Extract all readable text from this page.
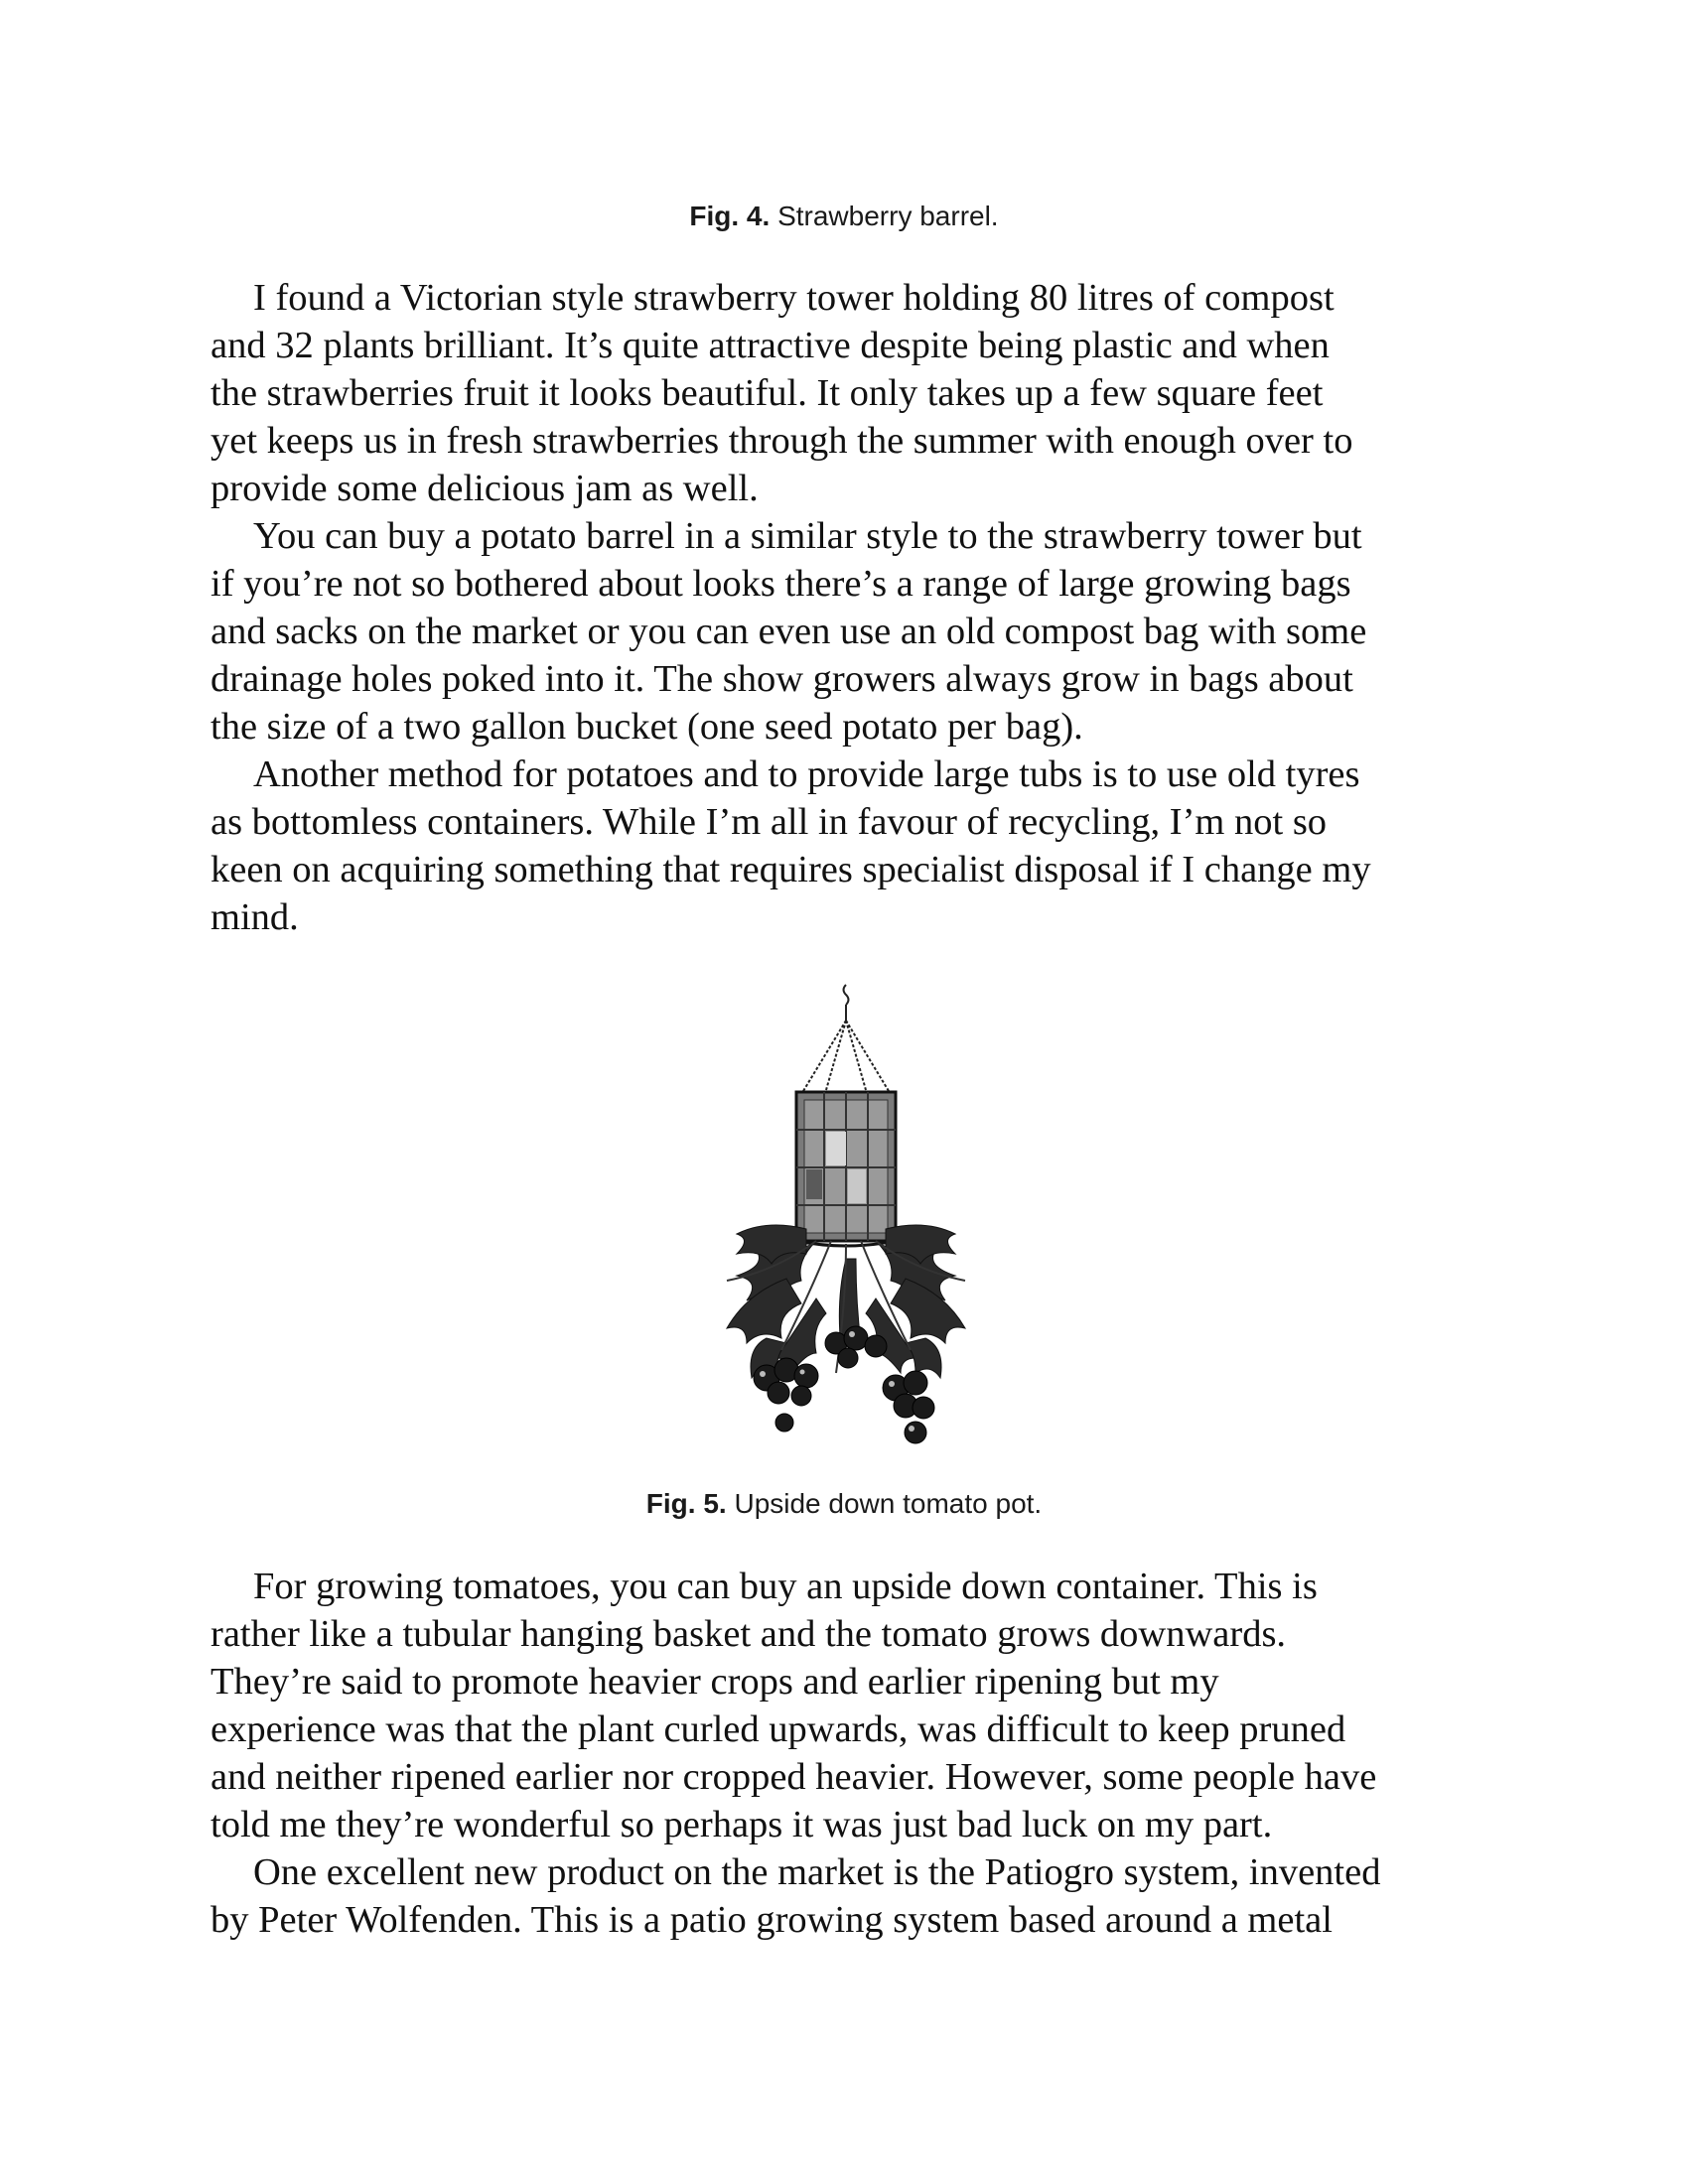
Fig. 4. Strawberry barrel.

I found a Victorian style strawberry tower holding 80 litres of compost
and 32 plants brilliant. It’s quite attractive despite being plastic and when
the strawberries fruit it looks beautiful. It only takes up a few square feet
yet keeps us in fresh strawberries through the summer with enough over to
provide some delicious jam as well.

You can buy a potato barrel in a similar style to the strawberry tower but
if you’re not so bothered about looks there’s a range of large growing bags
and sacks on the market or you can even use an old compost bag with some
drainage holes poked into it. The show growers always grow in bags about
the size of a two gallon bucket (one seed potato per bag).

Another method for potatoes and to provide large tubs is to use old tyres
as bottomless containers. While I’m all in favour of recycling, I’m not so
keen on acquiring something that requires specialist disposal if I change my
mind.

Fig. 5. Upside down tomato pot.

For growing tomatoes, you can buy an upside down container. This is
rather like a tubular hanging basket and the tomato grows downwards.
They’re said to promote heavier crops and earlier ripening but my
experience was that the plant curled upwards, was difficult to keep pruned
and neither ripened earlier nor cropped heavier. However, some people have
told me they’re wonderful so perhaps it was just bad luck on my part.

One excellent new product on the market is the Patiogro system, invented
by Peter Wolfenden. This is a patio growing system based around a metal
